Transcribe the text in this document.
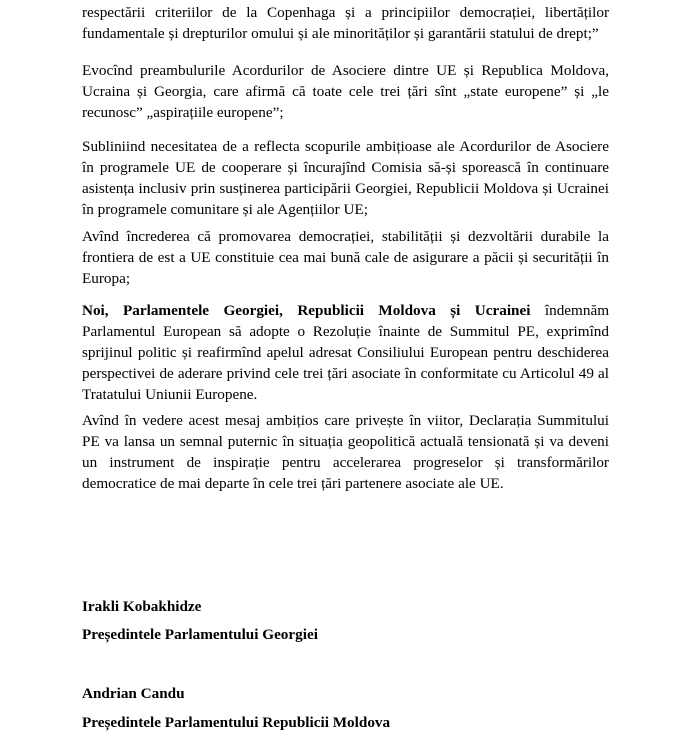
respectării criteriilor de la Copenhaga și a principiilor democrației, libertăților
fundamentale și drepturilor omului și ale minorităților și garantării statului de drept;”

Evocînd preambulurile Acordurilor de Asociere dintre UE și Republica Moldova,
Ucraina și Georgia, care afirmă că toate cele trei țări sînt „state europene” și „le
recunosc” „aspirațiile europene”;

Subliniind necesitatea de a reflecta scopurile ambițioase ale Acordurilor de Asociere
în programele UE de cooperare și încurajînd Comisia să-și sporească în continuare
asistența inclusiv prin susținerea participării Georgiei, Republicii Moldova și Ucrainei
în programele comunitare și ale Agențiilor UE;

Avînd încrederea că promovarea democrației, stabilității și dezvoltării durabile la
frontiera de est a UE constituie cea mai bună cale de asigurare a păcii și securității în
Europa;

Noi, Parlamentele Georgiei, Republicii Moldova și Ucrainei îndemnăm
Parlamentul European să adopte o Rezoluție înainte de Summitul PE, exprimînd
sprijinul politic și reafirmînd apelul adresat Consiliului European pentru deschiderea
perspectivei de aderare privind cele trei țări asociate în conformitate cu Articolul 49 al
Tratatului Uniunii Europene.

Avînd în vedere acest mesaj ambițios care privește în viitor, Declarația Summitului
PE va lansa un semnal puternic în situația geopolitică actuală tensionată și va deveni
un instrument de inspirație pentru accelerarea progreselor și transformărilor
democratice de mai departe în cele trei țări partenere asociate ale UE.

Irakli Kobakhidze

Președintele Parlamentului Georgiei

Andrian Candu

Președintele Parlamentului Republicii Moldova
